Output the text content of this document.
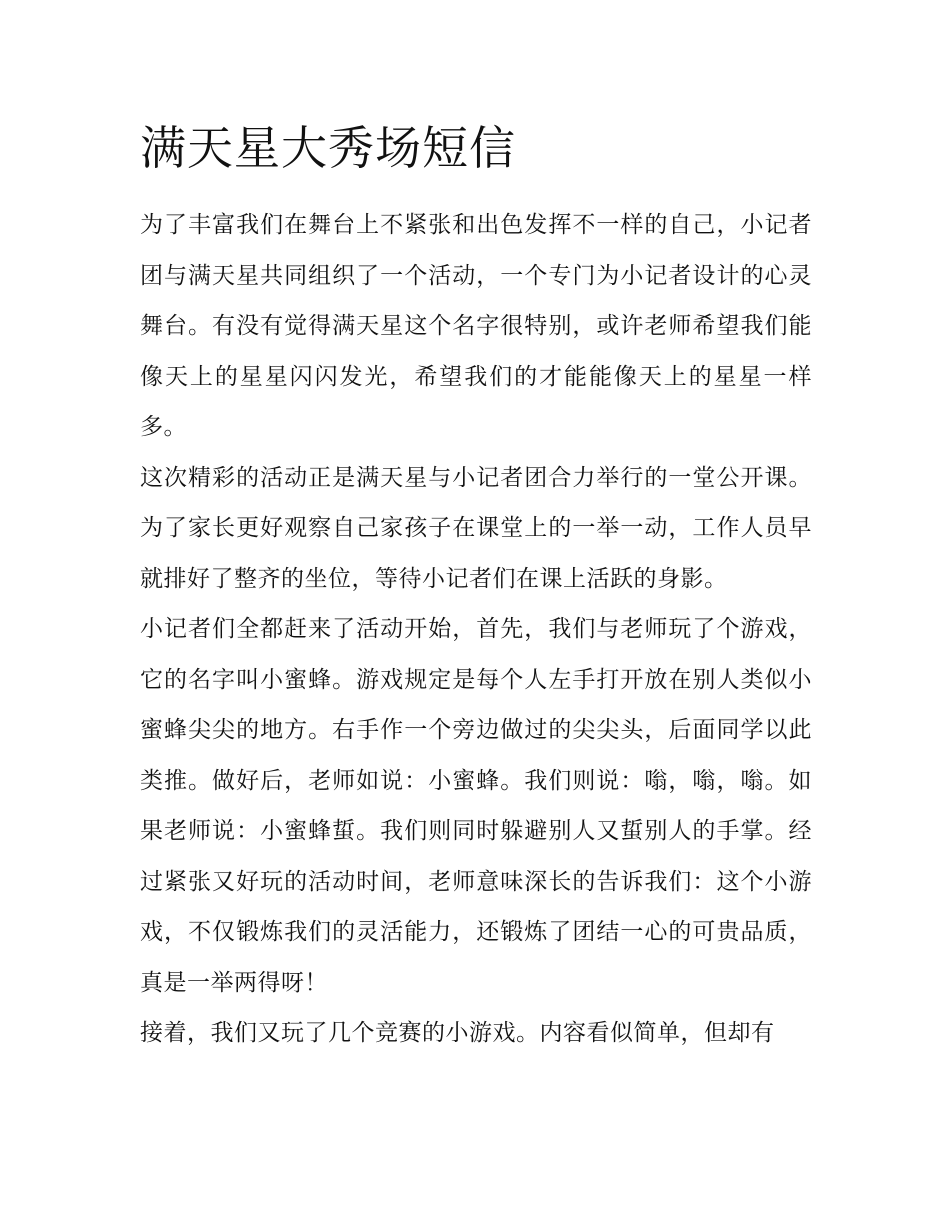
满天星大秀场短信

为了丰富我们在舞台上不紧张和出色发挥不一样的自己，小记者团与满天星共同组织了一个活动，一个专门为小记者设计的心灵舞台。有没有觉得满天星这个名字很特别，或许老师希望我们能像天上的星星闪闪发光，希望我们的才能能像天上的星星一样多。

这次精彩的活动正是满天星与小记者团合力举行的一堂公开课。为了家长更好观察自己家孩子在课堂上的一举一动，工作人员早就排好了整齐的坐位，等待小记者们在课上活跃的身影。

小记者们全都赶来了活动开始，首先，我们与老师玩了个游戏，它的名字叫小蜜蜂。游戏规定是每个人左手打开放在别人类似小蜜蜂尖尖的地方。右手作一个旁边做过的尖尖头，后面同学以此类推。做好后，老师如说：小蜜蜂。我们则说：嗡，嗡，嗡。如果老师说：小蜜蜂蜇。我们则同时躲避别人又蜇别人的手掌。经过紧张又好玩的活动时间，老师意味深长的告诉我们：这个小游戏，不仅锻炼我们的灵活能力，还锻炼了团结一心的可贵品质，真是一举两得呀！

接着，我们又玩了几个竞赛的小游戏。内容看似简单，但却有
